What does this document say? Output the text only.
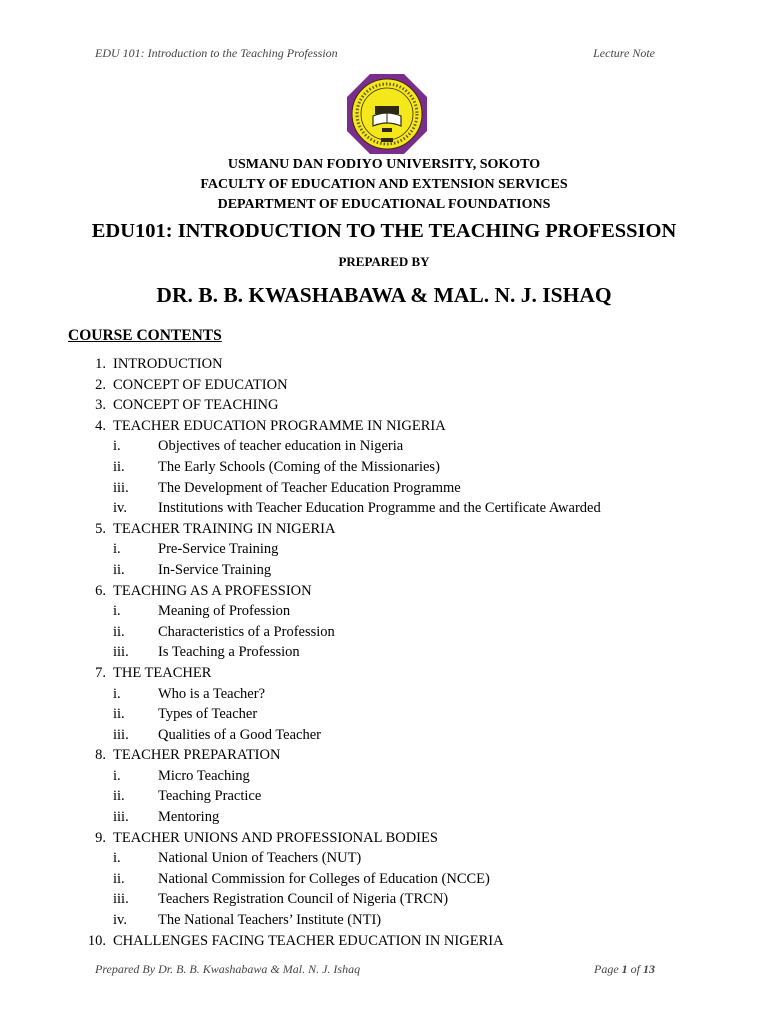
EDU 101: Introduction to the Teaching Profession	Lecture Note
USMANU DAN FODIYO UNIVERSITY, SOKOTO
FACULTY OF EDUCATION AND EXTENSION SERVICES
DEPARTMENT OF EDUCATIONAL FOUNDATIONS
EDU101: INTRODUCTION TO THE TEACHING PROFESSION
PREPARED BY
DR. B. B. KWASHABAWA & MAL. N. J. ISHAQ
COURSE CONTENTS
1. INTRODUCTION
2. CONCEPT OF EDUCATION
3. CONCEPT OF TEACHING
4. TEACHER EDUCATION PROGRAMME IN NIGERIA
i.	Objectives of teacher education in Nigeria
ii. The Early Schools (Coming of the Missionaries)
iii. The Development of Teacher Education Programme
iv. Institutions with Teacher Education Programme and the Certificate Awarded
5. TEACHER TRAINING IN NIGERIA
i.	Pre-Service Training
ii. In-Service Training
6. TEACHING AS A PROFESSION
i.	Meaning of Profession
ii. Characteristics of a Profession
iii. Is Teaching a Profession
7. THE TEACHER
i.	Who is a Teacher?
ii. Types of Teacher
iii. Qualities of a Good Teacher
8. TEACHER PREPARATION
i.	Micro Teaching
ii. Teaching Practice
iii. Mentoring
9. TEACHER UNIONS AND PROFESSIONAL BODIES
i.	National Union of Teachers (NUT)
ii. National Commission for Colleges of Education (NCCE)
iii. Teachers Registration Council of Nigeria (TRCN)
iv. The National Teachers’ Institute (NTI)
10. CHALLENGES FACING TEACHER EDUCATION IN NIGERIA
Prepared By Dr. B. B. Kwashabawa & Mal. N. J. Ishaq	Page 1 of 13
